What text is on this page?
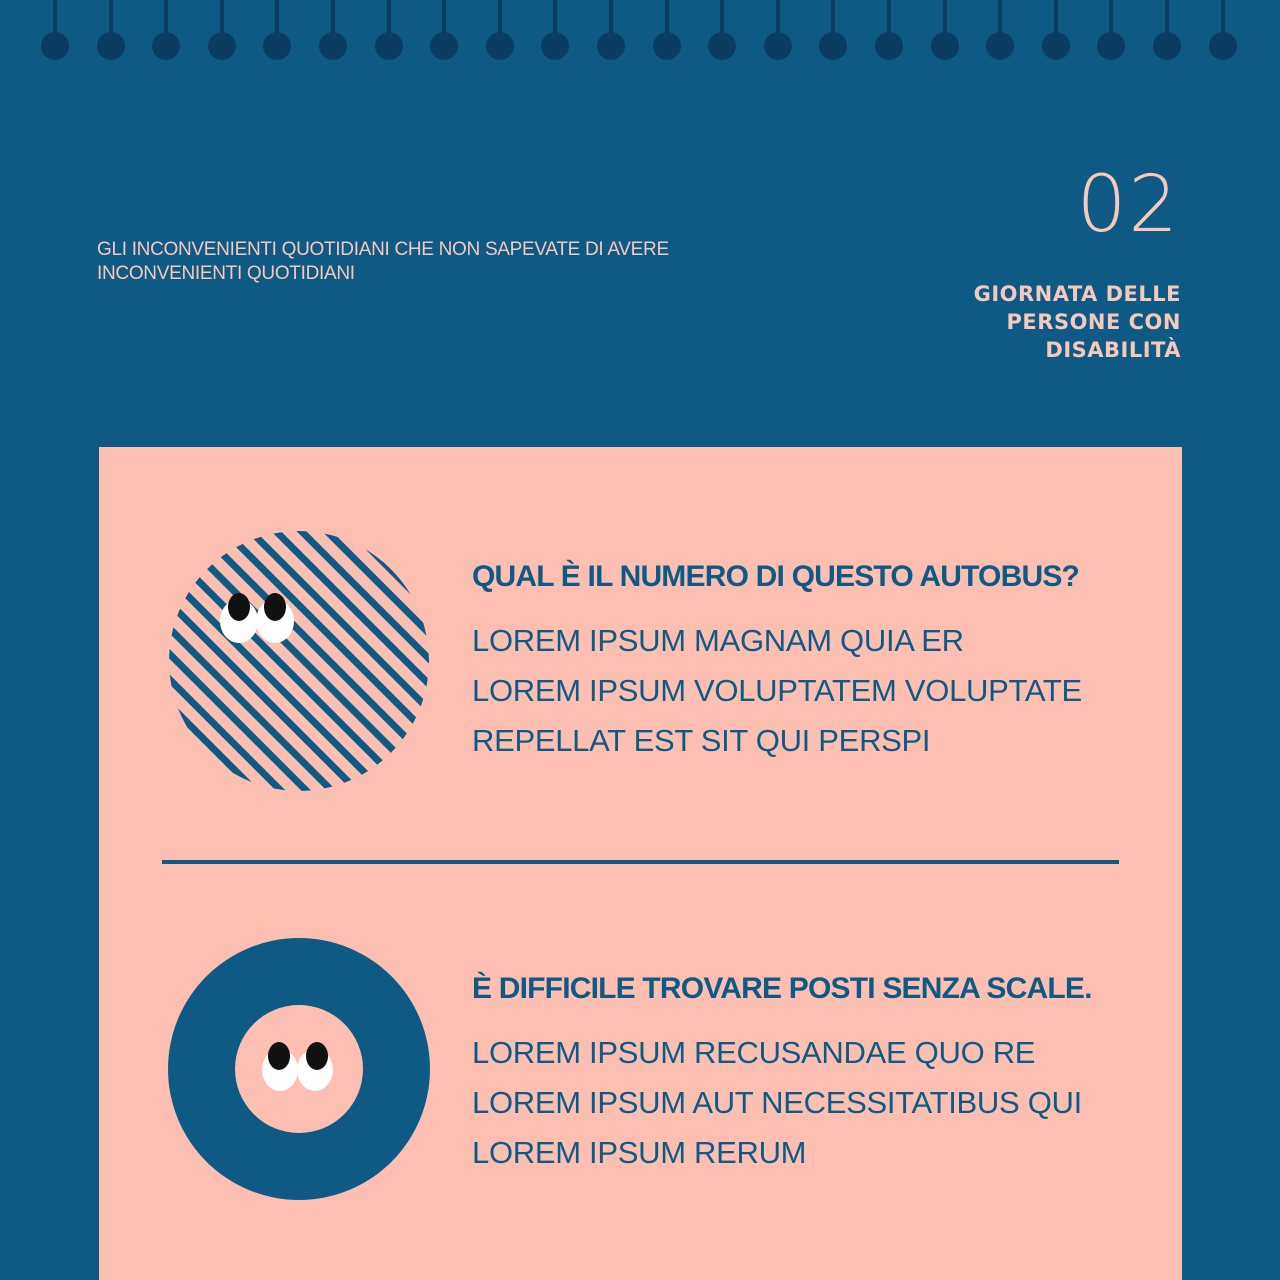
GLI INCONVENIENTI QUOTIDIANI CHE NON SAPEVATE DI AVERE INCONVENIENTI QUOTIDIANI
02
GIORNATA DELLE PERSONE CON DISABILITÀ
QUAL È IL NUMERO DI QUESTO AUTOBUS?
LOREM IPSUM MAGNAM QUIA ER
LOREM IPSUM VOLUPTATEM VOLUPTATE
REPELLAT EST SIT QUI PERSPI
È DIFFICILE TROVARE POSTI SENZA SCALE.
LOREM IPSUM RECUSANDAE QUO RE
LOREM IPSUM AUT NECESSITATIBUS QUI
LOREM IPSUM RERUM
